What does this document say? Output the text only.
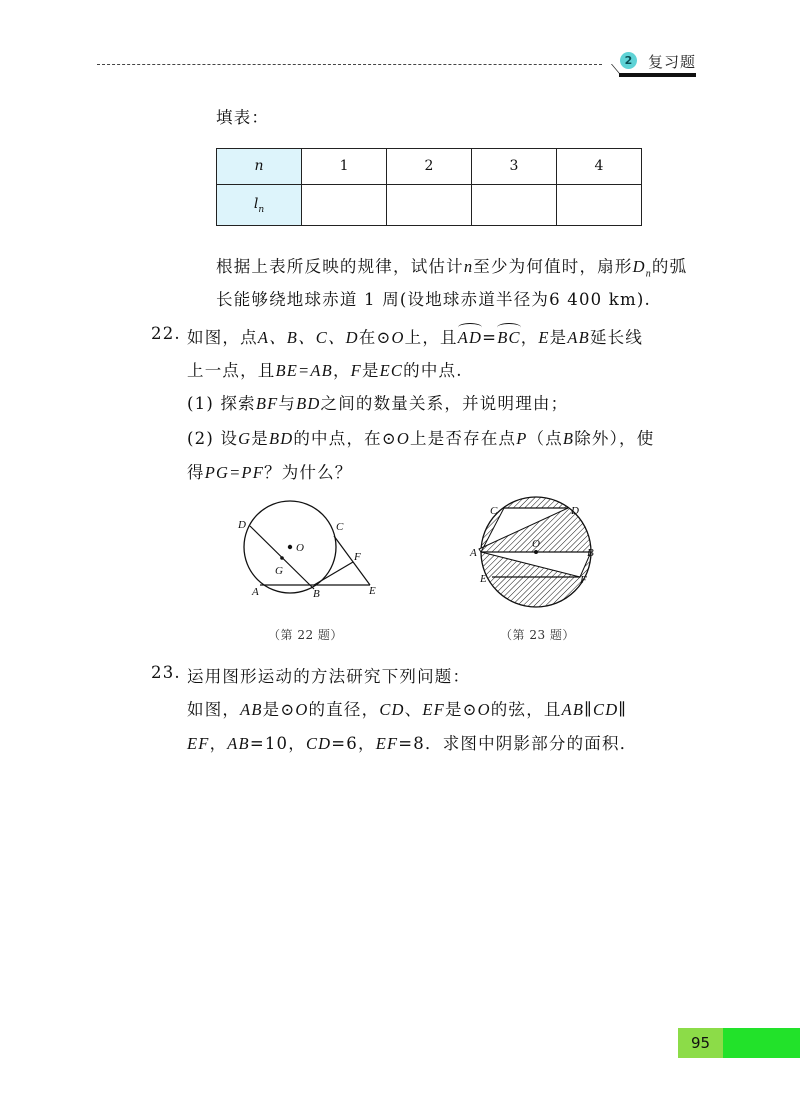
2	复习题
填表：
n	1	2	3	4
$l_n$				
根据上表所反映的规律，试估计n至少为何值时，扇形$D_n$的弧
长能够绕地球赤道 1 周(设地球赤道半径为6 400 km).
22. 如图，点A、B、C、D在⊙O上，且AD=BC，E是AB延长线
上一点，且BE=AB，F是EC的中点.
(1) 探索BF与BD之间的数量关系，并说明理由；
(2) 设G是BD的中点，在⊙O上是否存在点P（点B除外），使
得PG=PF？为什么？
D
O
C
F
G
A	B	E
（第 22 题）
C	D
A
O
B
E	F
（第 23 题）
23. 运用图形运动的方法研究下列问题：
如图，AB是⊙O的直径，CD、EF是⊙O的弦，且AB∥CD∥
EF，AB=10，CD=6，EF=8．求图中阴影部分的面积．
95
